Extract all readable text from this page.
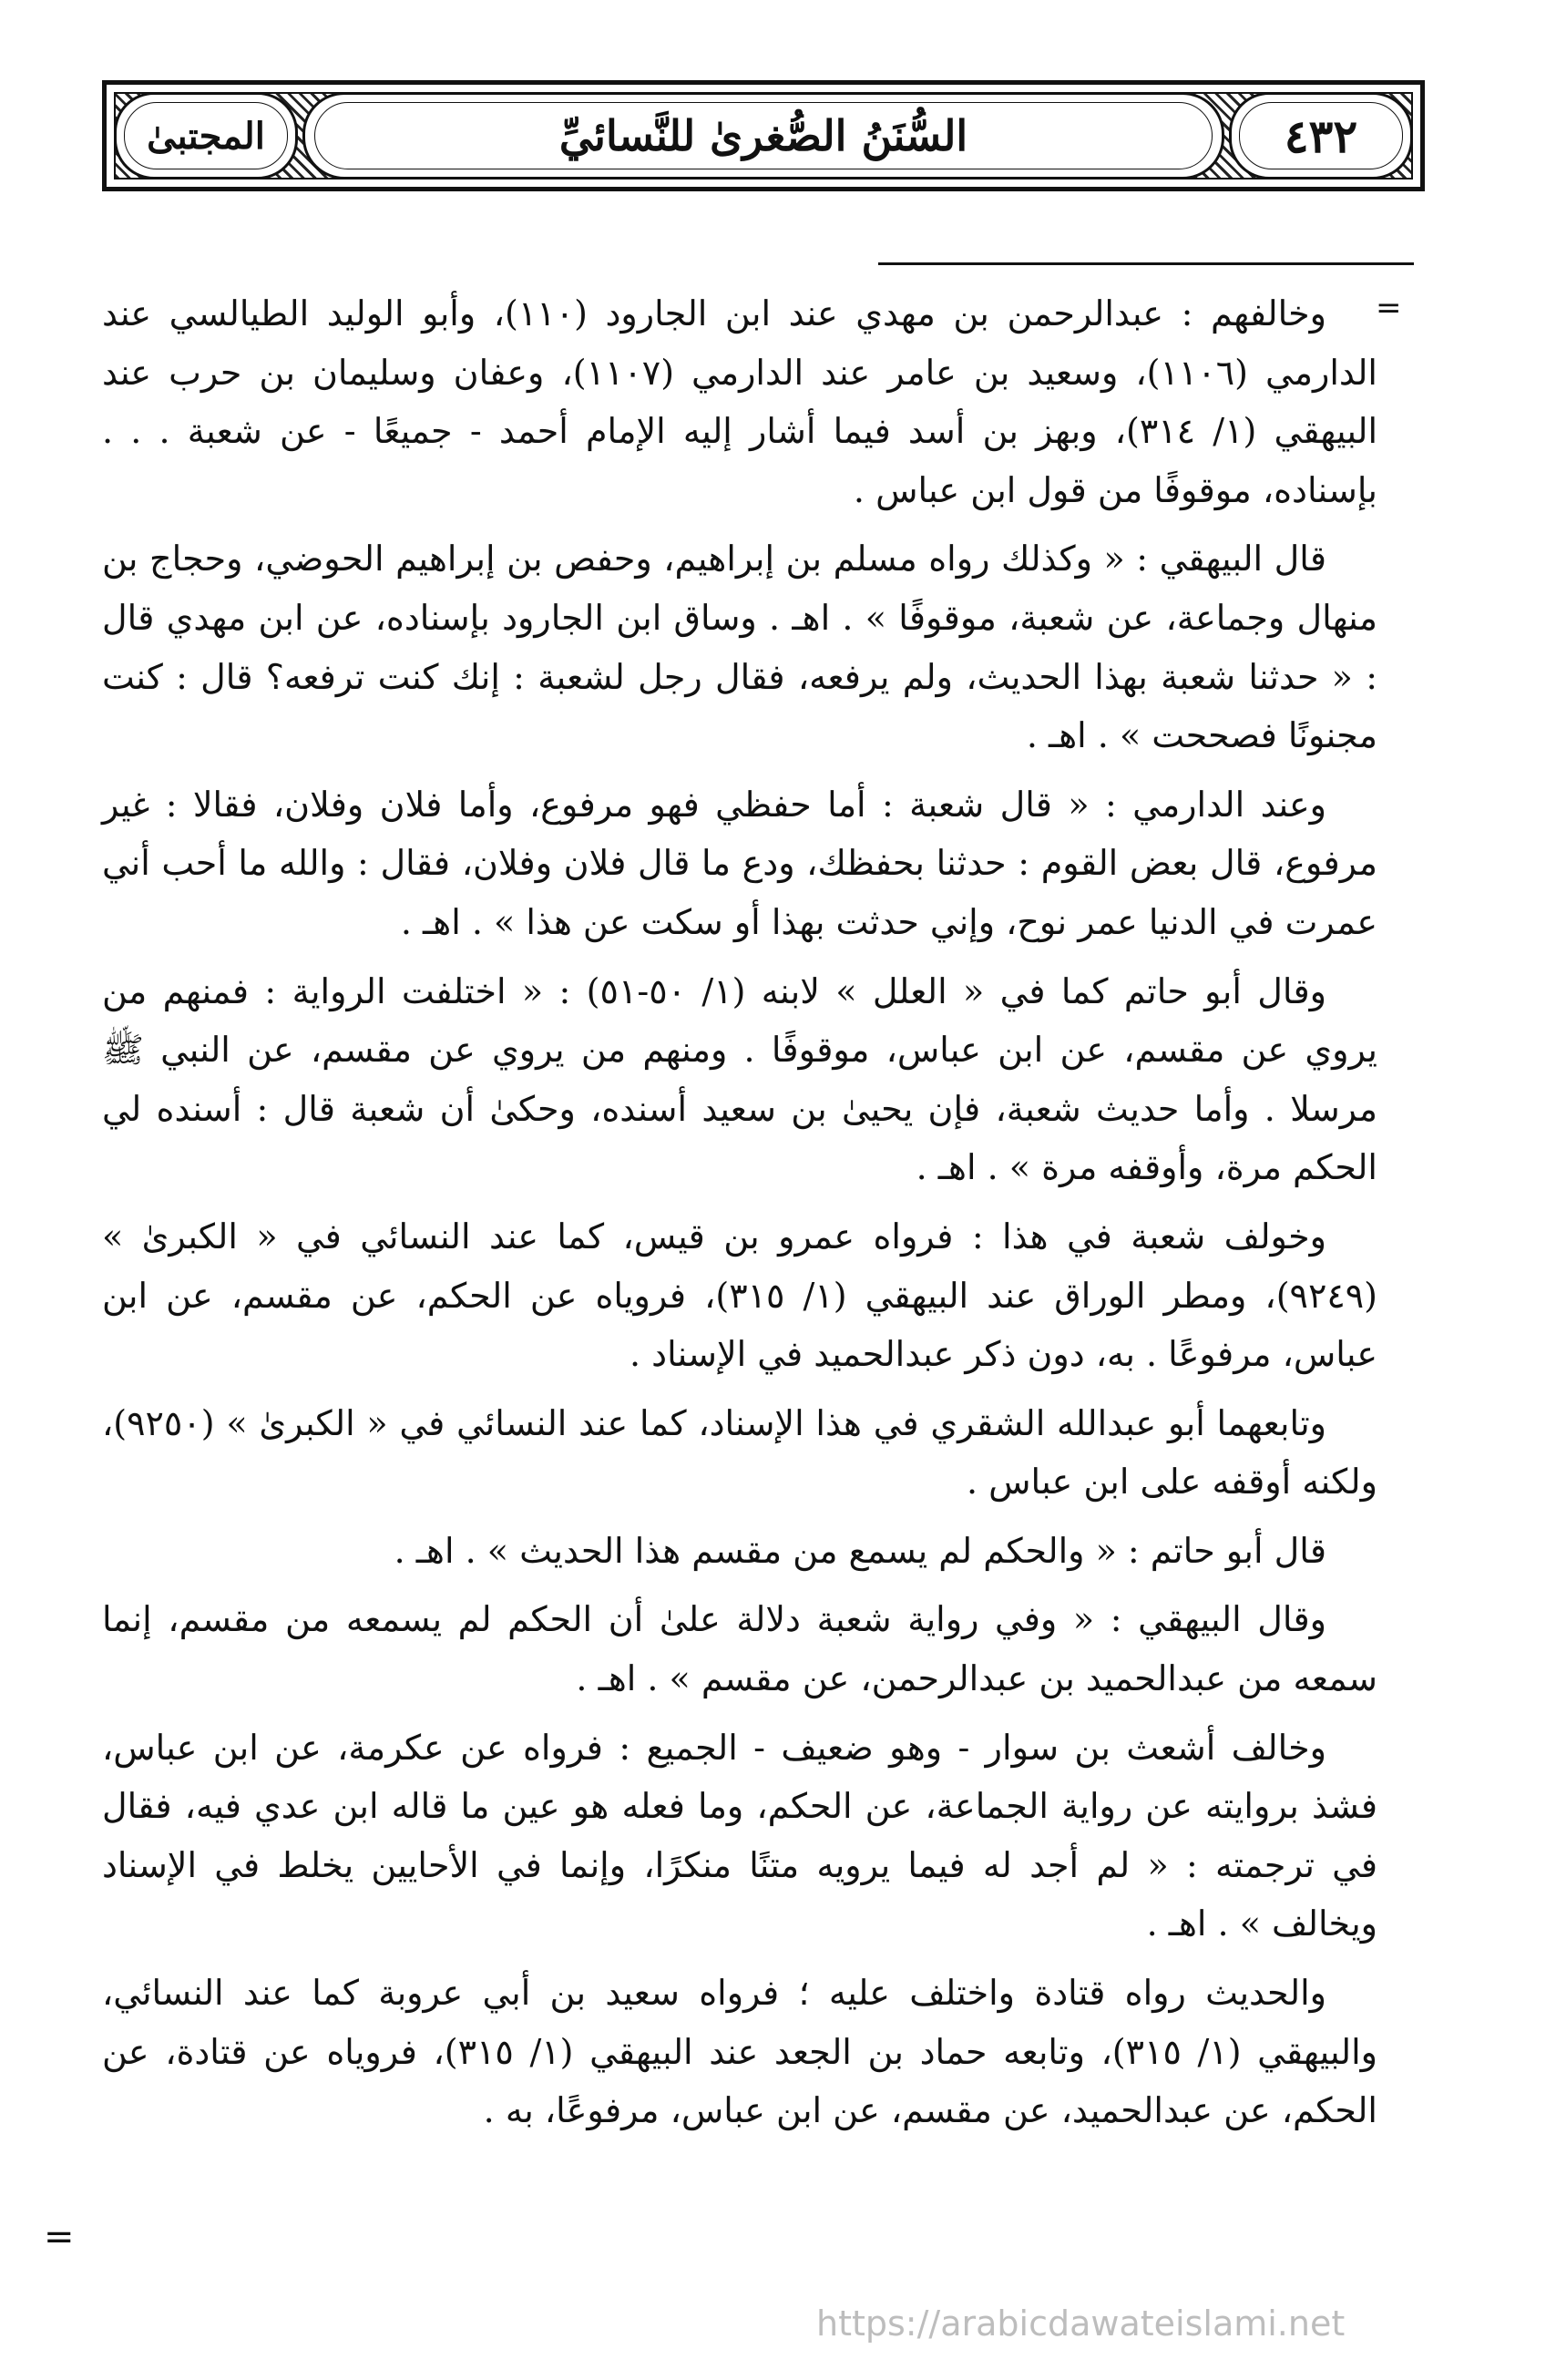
٤٣٢
السُّنَنُ الصُّغرىٰ للنَّسائيِّ
المجتبىٰ
=

وخالفهم : عبدالرحمن بن مهدي عند ابن الجارود (١١٠)، وأبو الوليد الطيالسي عند الدارمي (١١٠٦)، وسعيد بن عامر عند الدارمي (١١٠٧)، وعفان وسليمان بن حرب عند البيهقي (١/ ٣١٤)، وبهز بن أسد فيما أشار إليه الإمام أحمد - جميعًا - عن شعبة . . . بإسناده، موقوفًا من قول ابن عباس .

قال البيهقي : « وكذلك رواه مسلم بن إبراهيم، وحفص بن إبراهيم الحوضي، وحجاج بن منهال وجماعة، عن شعبة، موقوفًا » . اهـ . وساق ابن الجارود بإسناده، عن ابن مهدي قال : « حدثنا شعبة بهذا الحديث، ولم يرفعه، فقال رجل لشعبة : إنك كنت ترفعه؟ قال : كنت مجنونًا فصححت » . اهـ .

وعند الدارمي : « قال شعبة : أما حفظي فهو مرفوع، وأما فلان وفلان، فقالا : غير مرفوع، قال بعض القوم : حدثنا بحفظك، ودع ما قال فلان وفلان، فقال : والله ما أحب أني عمرت في الدنيا عمر نوح، وإني حدثت بهذا أو سكت عن هذا » . اهـ .

وقال أبو حاتم كما في « العلل » لابنه (١/ ٥٠-٥١) : « اختلفت الرواية : فمنهم من يروي عن مقسم، عن ابن عباس، موقوفًا . ومنهم من يروي عن مقسم، عن النبي ﷺ مرسلا . وأما حديث شعبة، فإن يحيىٰ بن سعيد أسنده، وحكىٰ أن شعبة قال : أسنده لي الحكم مرة، وأوقفه مرة » . اهـ .

وخولف شعبة في هذا : فرواه عمرو بن قيس، كما عند النسائي في « الكبرىٰ » (٩٢٤٩)، ومطر الوراق عند البيهقي (١/ ٣١٥)، فروياه عن الحكم، عن مقسم، عن ابن عباس، مرفوعًا . به، دون ذكر عبدالحميد في الإسناد .

وتابعهما أبو عبدالله الشقري في هذا الإسناد، كما عند النسائي في « الكبرىٰ » (٩٢٥٠)، ولكنه أوقفه على ابن عباس .

قال أبو حاتم : « والحكم لم يسمع من مقسم هذا الحديث » . اهـ .

وقال البيهقي : « وفي رواية شعبة دلالة علىٰ أن الحكم لم يسمعه من مقسم، إنما سمعه من عبدالحميد بن عبدالرحمن، عن مقسم » . اهـ .

وخالف أشعث بن سوار - وهو ضعيف - الجميع : فرواه عن عكرمة، عن ابن عباس، فشذ بروايته عن رواية الجماعة، عن الحكم، وما فعله هو عين ما قاله ابن عدي فيه، فقال في ترجمته : « لم أجد له فيما يرويه متنًا منكرًا، وإنما في الأحايين يخلط في الإسناد ويخالف » . اهـ .

والحديث رواه قتادة واختلف عليه ؛ فرواه سعيد بن أبي عروبة كما عند النسائي، والبيهقي (١/ ٣١٥)، وتابعه حماد بن الجعد عند البيهقي (١/ ٣١٥)، فروياه عن قتادة، عن الحكم، عن عبدالحميد، عن مقسم، عن ابن عباس، مرفوعًا، به .

=
https://arabicdawateislami.net
